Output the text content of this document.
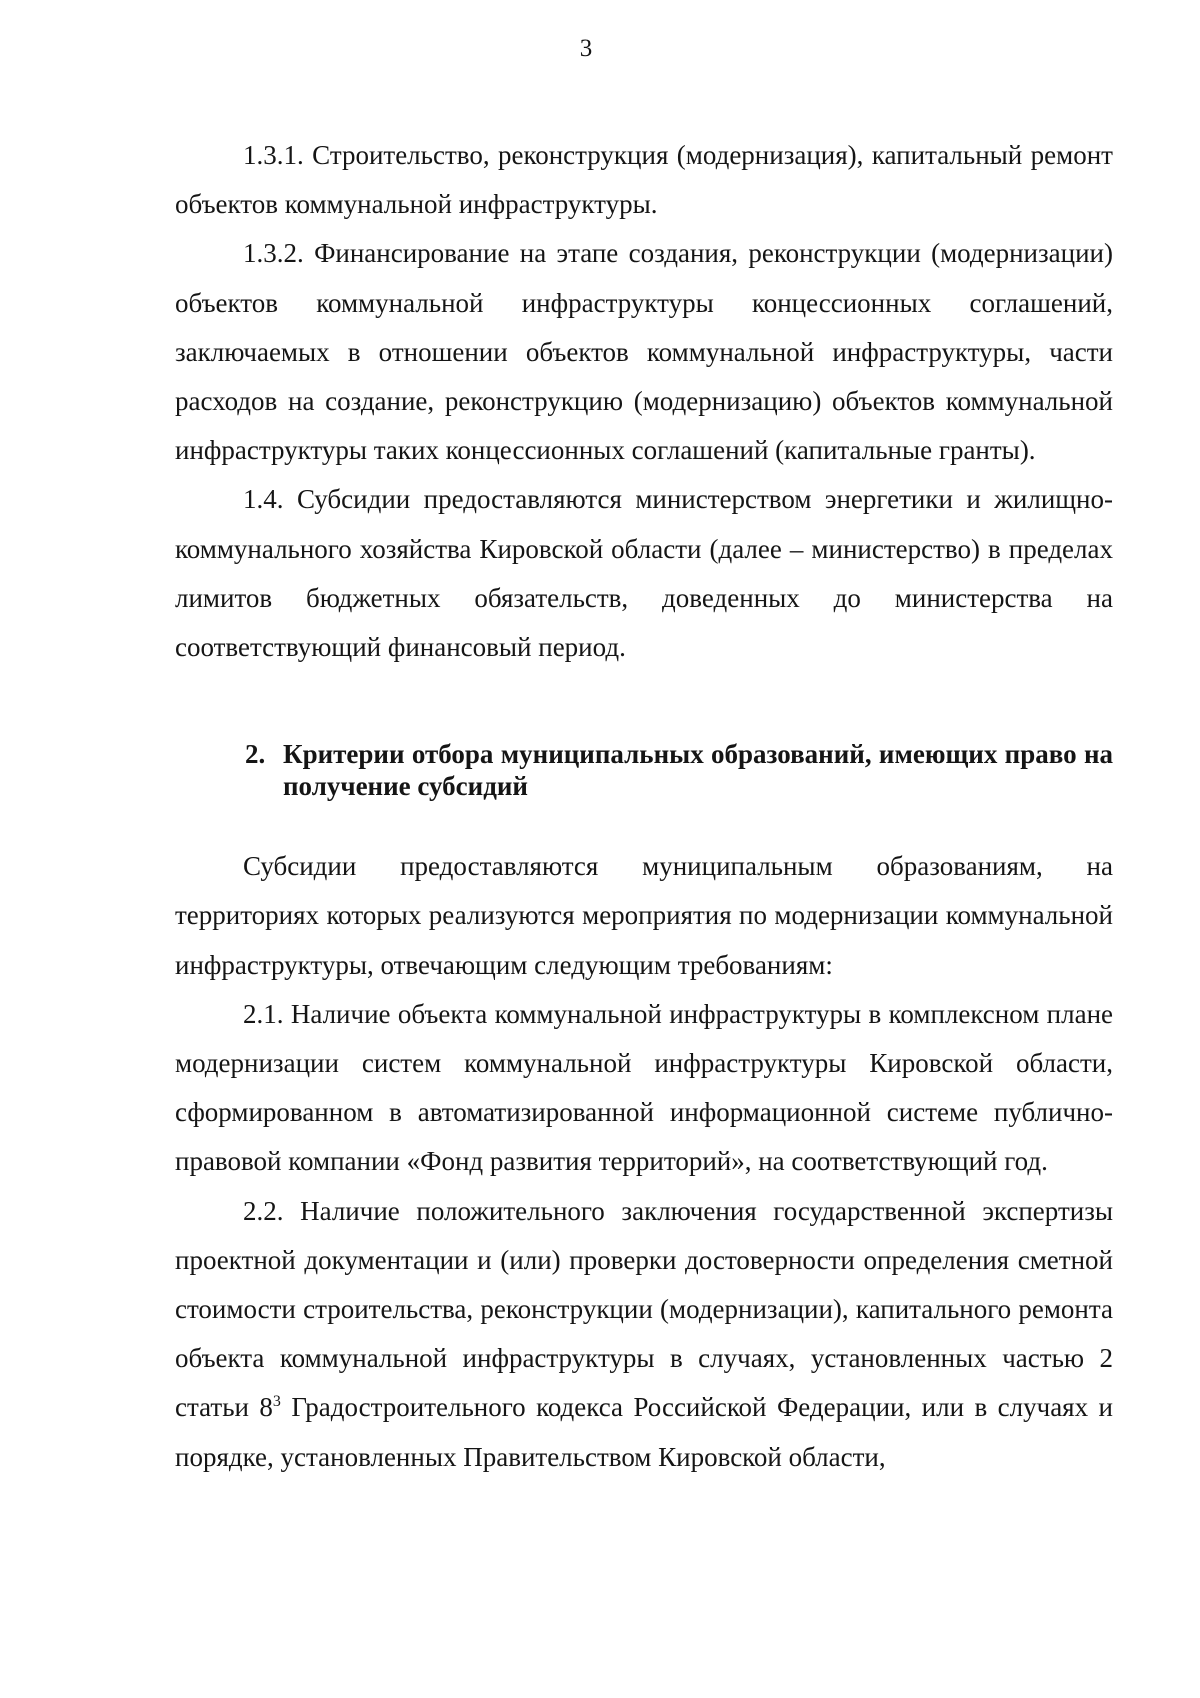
3

1.3.1. Строительство, реконструкция (модернизация), капитальный ремонт объектов коммунальной инфраструктуры.

1.3.2. Финансирование на этапе создания, реконструкции (модернизации) объектов коммунальной инфраструктуры концессионных соглашений, заключаемых в отношении объектов коммунальной инфраструктуры, части расходов на создание, реконструкцию (модернизацию) объектов коммунальной инфраструктуры таких концессионных соглашений (капитальные гранты).

1.4. Субсидии предоставляются министерством энергетики и жилищно-коммунального хозяйства Кировской области (далее – министерство) в пределах лимитов бюджетных обязательств, доведенных до министерства на соответствующий финансовый период.

2. Критерии отбора муниципальных образований, имеющих право на получение субсидий

Субсидии предоставляются муниципальным образованиям, на территориях которых реализуются мероприятия по модернизации коммунальной инфраструктуры, отвечающим следующим требованиям:

2.1. Наличие объекта коммунальной инфраструктуры в комплексном плане модернизации систем коммунальной инфраструктуры Кировской области, сформированном в автоматизированной информационной системе публично-правовой компании «Фонд развития территорий», на соответствующий год.

2.2. Наличие положительного заключения государственной экспертизы проектной документации и (или) проверки достоверности определения сметной стоимости строительства, реконструкции (модернизации), капитального ремонта объекта коммунальной инфраструктуры в случаях, установленных частью 2 статьи $8^3$ Градостроительного кодекса Российской Федерации, или в случаях и порядке, установленных Правительством Кировской области,
